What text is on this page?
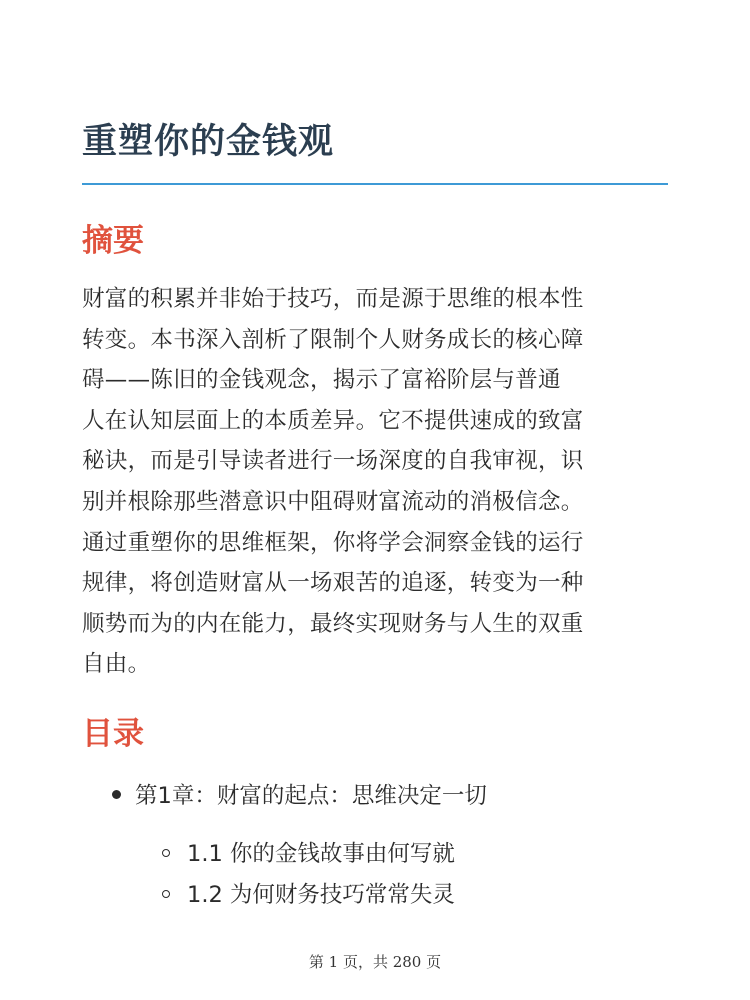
重塑你的金钱观
摘要

财富的积累并非始于技巧，而是源于思维的根本性
转变。本书深入剖析了限制个人财务成长的核心障
碍——陈旧的金钱观念，揭示了富裕阶层与普通
人在认知层面上的本质差异。它不提供速成的致富
秘诀，而是引导读者进行一场深度的自我审视，识
别并根除那些潜意识中阻碍财富流动的消极信念。
通过重塑你的思维框架，你将学会洞察金钱的运行
规律，将创造财富从一场艰苦的追逐，转变为一种
顺势而为的内在能力，最终实现财务与人生的双重
自由。

目录
第1章：财富的起点：思维决定一切
1.1 你的金钱故事由何写就
1.2 为何财务技巧常常失灵
第 1 页，共 280 页
